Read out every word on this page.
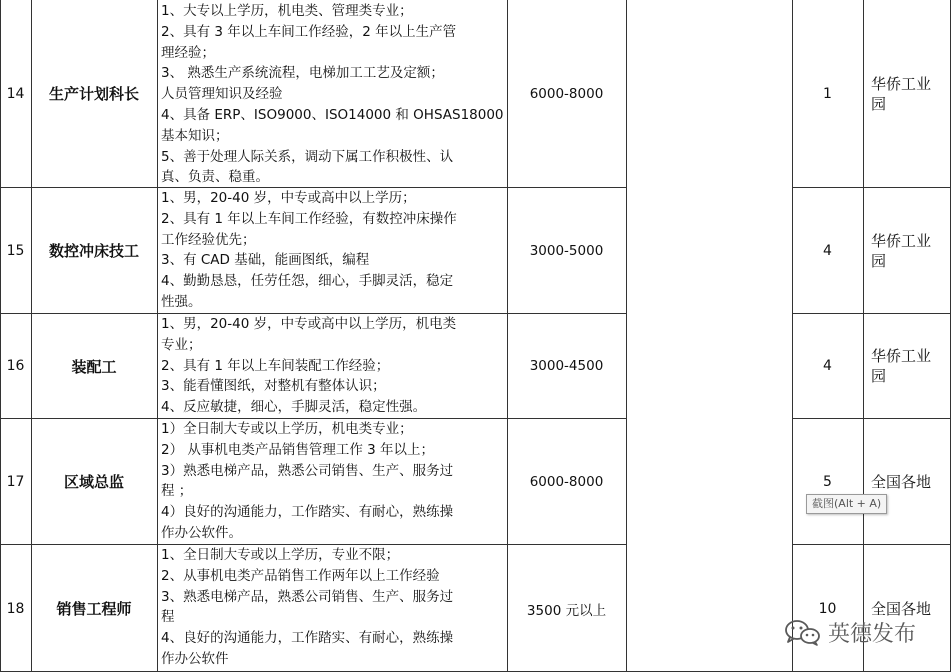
14	生产计划科长
1、大专以上学历，机电类、管理类专业；
2、具有 3 年以上车间工作经验，2 年以上生产管
理经验；
3、 熟悉生产系统流程，电梯加工工艺及定额；
人员管理知识及经验
4、具备 ERP、ISO9000、ISO14000 和 OHSAS18000
基本知识；
5、善于处理人际关系，调动下属工作积极性、认
真、负责、稳重。
6000-8000	1
华侨工业园
15	数控冲床技工
1、男，20-40 岁，中专或高中以上学历；
2、具有 1 年以上车间工作经验，有数控冲床操作
工作经验优先；
3、有 CAD 基础，能画图纸，编程
4、勤勤恳恳，任劳任怨，细心，手脚灵活，稳定
性强。
3000-5000	4
华侨工业园
16	装配工
1、男，20-40 岁，中专或高中以上学历，机电类
专业；
2、具有 1 年以上车间装配工作经验；
3、能看懂图纸，对整机有整体认识；
4、反应敏捷，细心，手脚灵活，稳定性强。
3000-4500	4
华侨工业园
17	区域总监
1）全日制大专或以上学历，机电类专业；
2） 从事机电类产品销售管理工作 3 年以上；
3）熟悉电梯产品，熟悉公司销售、生产、服务过
程 ；
4）良好的沟通能力，工作踏实、有耐心，熟练操
作办公软件。
6000-8000	5	全国各地
18	销售工程师
1、全日制大专或以上学历，专业不限；
2、从事机电类产品销售工作两年以上工作经验
3、熟悉电梯产品，熟悉公司销售、生产、服务过
程
4、良好的沟通能力，工作踏实、有耐心，熟练操
作办公软件
3500 元以上	10	全国各地
截图(Alt + A)
英德发布
